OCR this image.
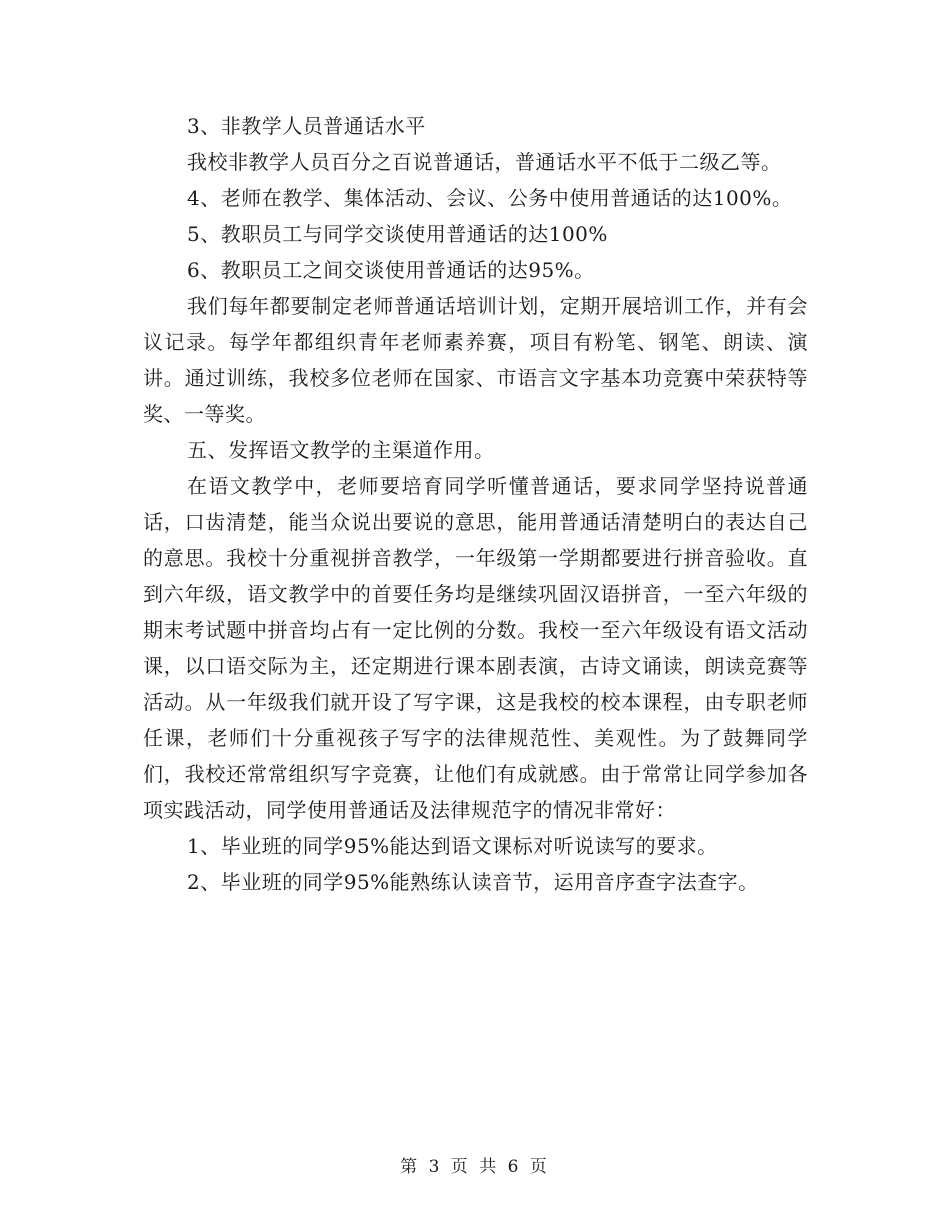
3、非教学人员普通话水平

我校非教学人员百分之百说普通话，普通话水平不低于二级乙等。

4、老师在教学、集体活动、会议、公务中使用普通话的达100%。

5、教职员工与同学交谈使用普通话的达100%

6、教职员工之间交谈使用普通话的达95%。

我们每年都要制定老师普通话培训计划，定期开展培训工作，并有会议记录。每学年都组织青年老师素养赛，项目有粉笔、钢笔、朗读、演讲。通过训练，我校多位老师在国家、市语言文字基本功竞赛中荣获特等奖、一等奖。

五、发挥语文教学的主渠道作用。

在语文教学中，老师要培育同学听懂普通话，要求同学坚持说普通话，口齿清楚，能当众说出要说的意思，能用普通话清楚明白的表达自己的意思。我校十分重视拼音教学，一年级第一学期都要进行拼音验收。直到六年级，语文教学中的首要任务均是继续巩固汉语拼音，一至六年级的期末考试题中拼音均占有一定比例的分数。我校一至六年级设有语文活动课，以口语交际为主，还定期进行课本剧表演，古诗文诵读，朗读竞赛等活动。从一年级我们就开设了写字课，这是我校的校本课程，由专职老师任课，老师们十分重视孩子写字的法律规范性、美观性。为了鼓舞同学们，我校还常常组织写字竞赛，让他们有成就感。由于常常让同学参加各项实践活动，同学使用普通话及法律规范字的情况非常好：

1、毕业班的同学95%能达到语文课标对听说读写的要求。

2、毕业班的同学95%能熟练认读音节，运用音序查字法查字。

第 3 页 共 6 页
